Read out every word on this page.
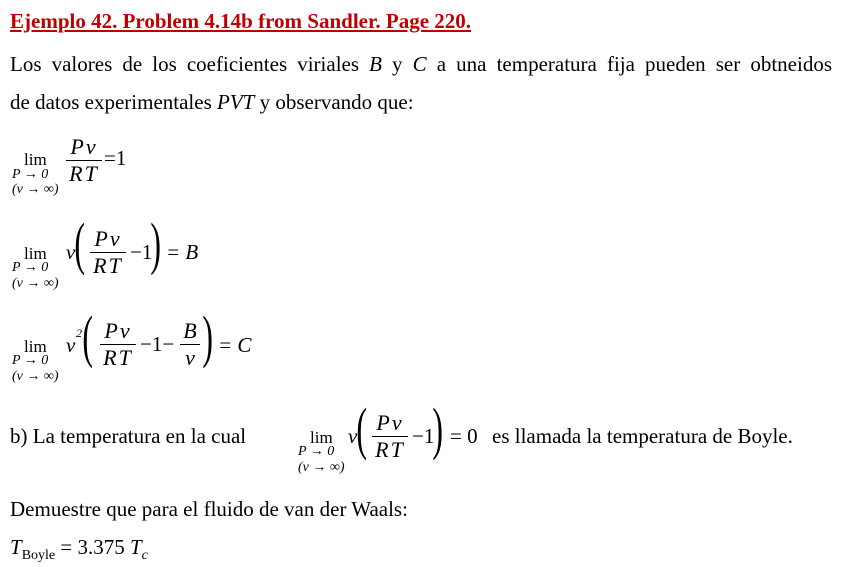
Ejemplo 42. Problem 4.14b from Sandler. Page 220.
Los valores de los coeficientes viriales B y C a una temperatura fija pueden ser obtneidos
de datos experimentales PVT y observando que:
lim
P → 0
(v → ∞)
Pv
RT
=1
lim
P → 0
(v → ∞)
v ( Pv
RT
−1
) = B
lim
P → 0
(v → ∞)
v 2 ( Pv
RT
−1−
B
v ) = C
b) La temperatura en la cual	lim
P → 0
(v → ∞)
v ( Pv
RT
−1
) = 0 es llamada la temperatura de Boyle.
Demuestre que para el fluido de van der Waals:
$T_{Boyle} = 3.375$ $T_c$
